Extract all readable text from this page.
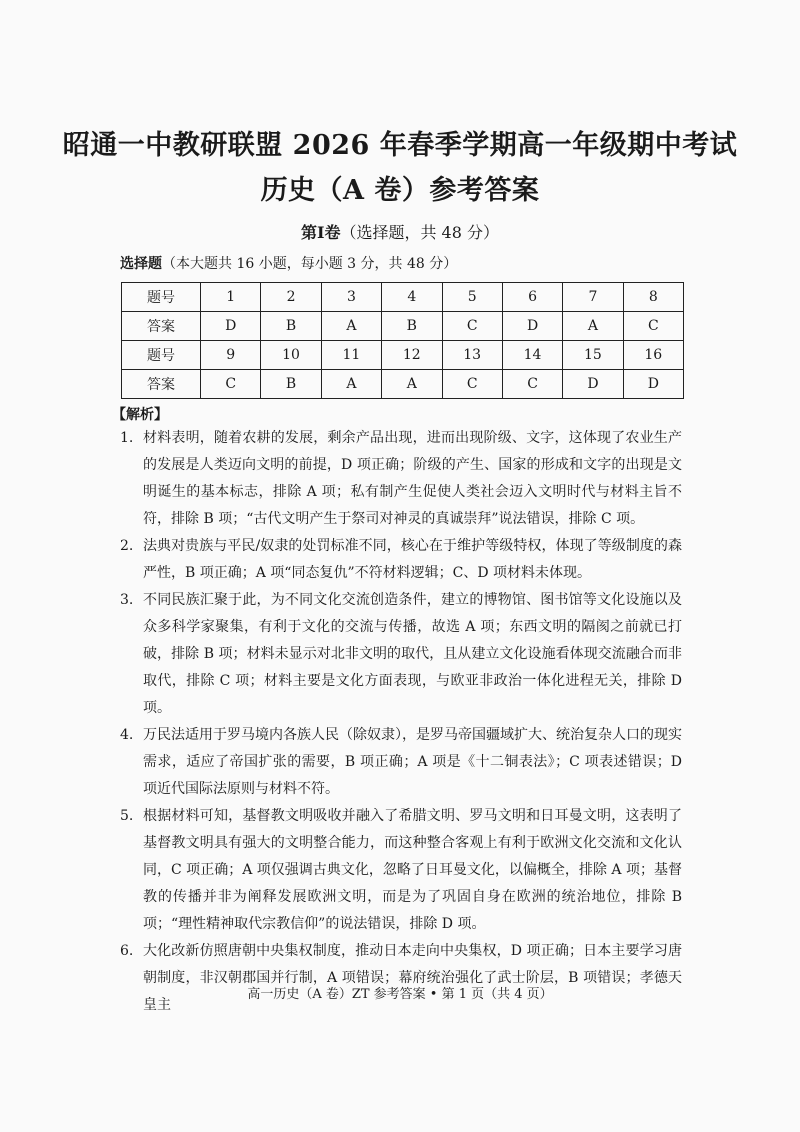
昭通一中教研联盟 2026 年春季学期高一年级期中考试
历史（A 卷）参考答案
第Ⅰ卷（选择题，共 48 分）
选择题（本大题共 16 小题，每小题 3 分，共 48 分）
题号	1	2	3	4	5	6	7	8
答案	D	B	A	B	C	D	A	C
题号	9	10	11	12	13	14	15	16
答案	C	B	A	A	C	C	D	D
【解析】
1. 材料表明，随着农耕的发展，剩余产品出现，进而出现阶级、文字，这体现了农业生产的发展是人类迈向文明的前提，D 项正确；阶级的产生、国家的形成和文字的出现是文明诞生的基本标志，排除 A 项；私有制产生促使人类社会迈入文明时代与材料主旨不符，排除 B 项；“古代文明产生于祭司对神灵的真诚崇拜”说法错误，排除 C 项。
2. 法典对贵族与平民/奴隶的处罚标准不同，核心在于维护等级特权，体现了等级制度的森严性，B 项正确；A 项“同态复仇”不符材料逻辑；C、D 项材料未体现。
3. 不同民族汇聚于此，为不同文化交流创造条件，建立的博物馆、图书馆等文化设施以及众多科学家聚集，有利于文化的交流与传播，故选 A 项；东西文明的隔阂之前就已打破，排除 B 项；材料未显示对北非文明的取代，且从建立文化设施看体现交流融合而非取代，排除 C 项；材料主要是文化方面表现，与欧亚非政治一体化进程无关，排除 D 项。
4. 万民法适用于罗马境内各族人民（除奴隶），是罗马帝国疆域扩大、统治复杂人口的现实需求，适应了帝国扩张的需要，B 项正确；A 项是《十二铜表法》；C 项表述错误；D 项近代国际法原则与材料不符。
5. 根据材料可知，基督教文明吸收并融入了希腊文明、罗马文明和日耳曼文明，这表明了基督教文明具有强大的文明整合能力，而这种整合客观上有利于欧洲文化交流和文化认同，C 项正确；A 项仅强调古典文化，忽略了日耳曼文化，以偏概全，排除 A 项；基督教的传播并非为阐释发展欧洲文明，而是为了巩固自身在欧洲的统治地位，排除 B 项；“理性精神取代宗教信仰”的说法错误，排除 D 项。
6. 大化改新仿照唐朝中央集权制度，推动日本走向中央集权，D 项正确；日本主要学习唐朝制度，非汉朝郡国并行制，A 项错误；幕府统治强化了武士阶层，B 项错误；孝德天皇主
高一历史（A 卷）ZT 参考答案 • 第 1 页（共 4 页）
